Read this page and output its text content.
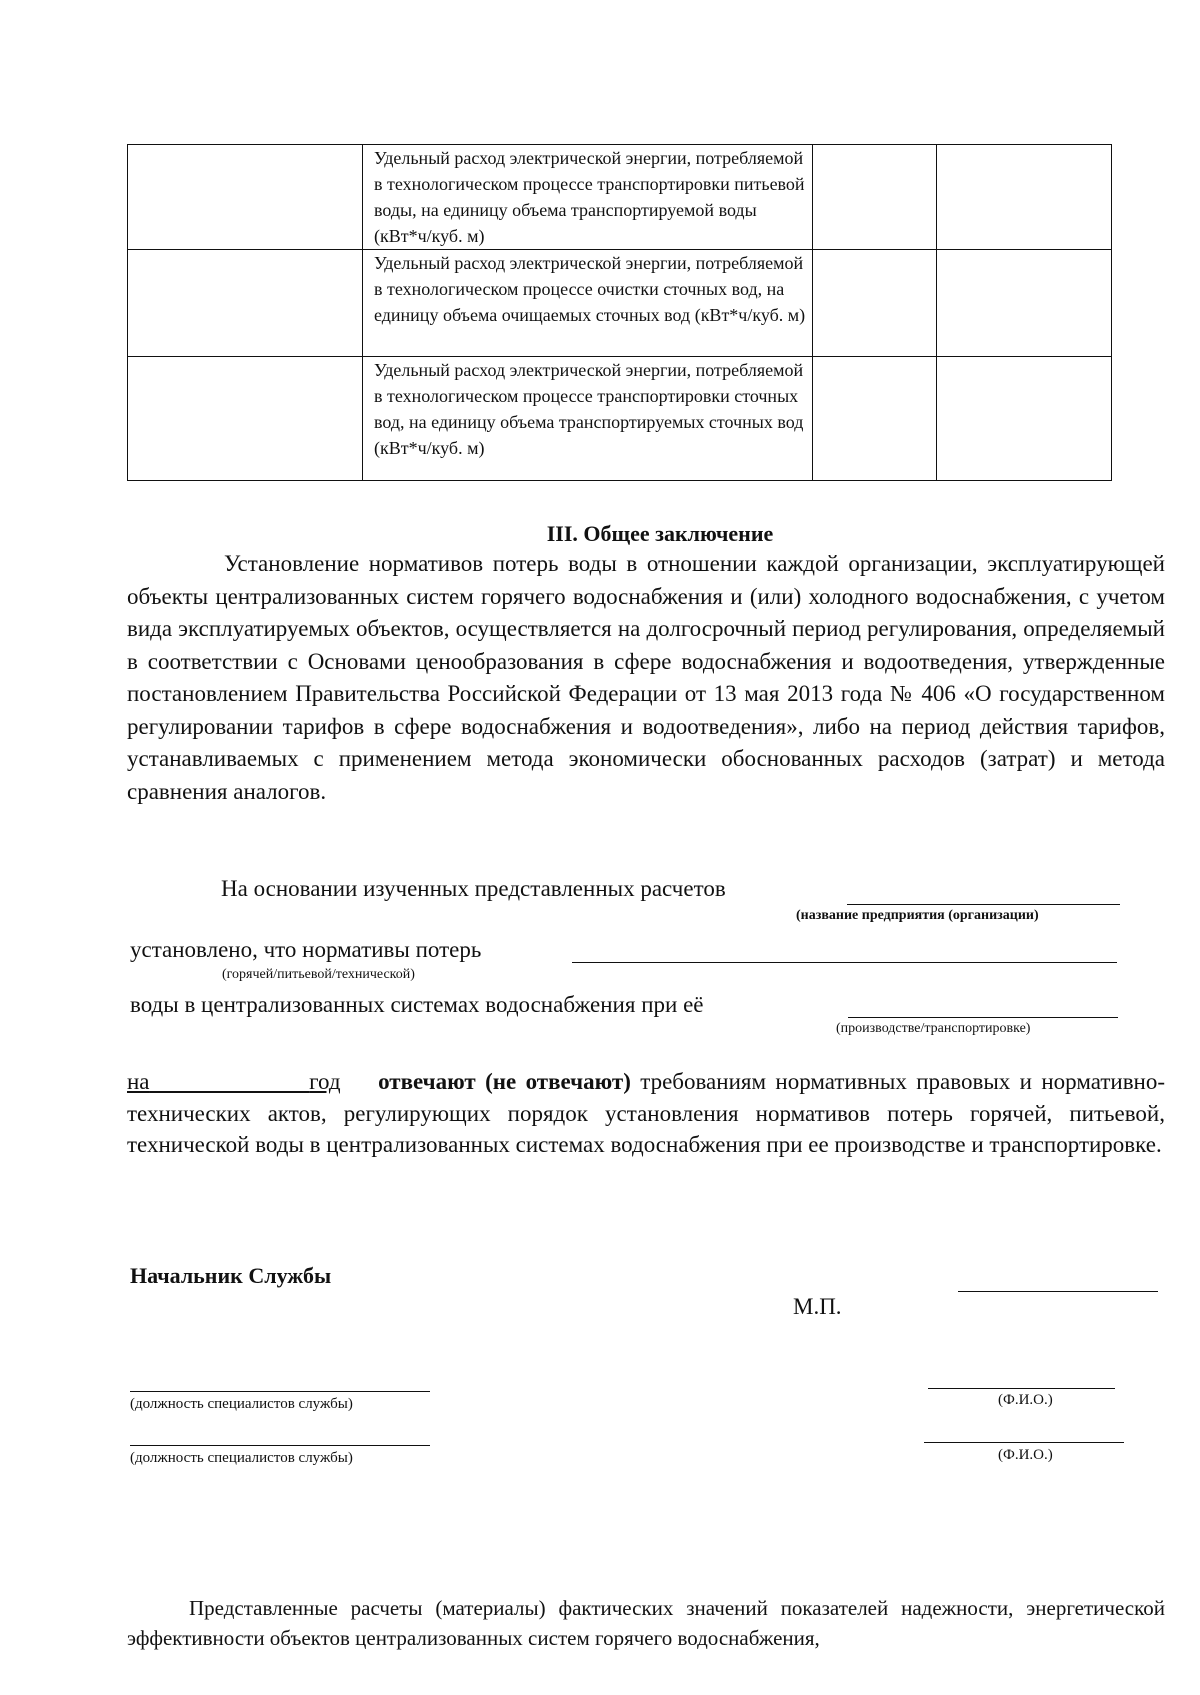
	Удельный расход электрической энергии, потребляемой в технологическом процессе транспортировки питьевой воды, на единицу объема транспортируемой воды (кВт*ч/куб. м)		
	Удельный расход электрической энергии, потребляемой в технологическом процессе очистки сточных вод, на единицу объема очищаемых сточных вод (кВт*ч/куб. м)		
	Удельный расход электрической энергии, потребляемой в технологическом процессе транспортировки сточных вод, на единицу объема транспортируемых сточных вод (кВт*ч/куб. м)		
III. Общее заключение
Установление нормативов потерь воды в отношении каждой организации, эксплуатирующей объекты централизованных систем горячего водоснабжения и (или) холодного водоснабжения, с учетом вида эксплуатируемых объектов, осуществляется на долгосрочный период регулирования, определяемый в соответствии с Основами ценообразования в сфере водоснабжения и водоотведения, утвержденные постановлением Правительства Российской Федерации от 13 мая 2013 года № 406 «О государственном регулировании тарифов в сфере водоснабжения и водоотведения», либо на период действия тарифов, устанавливаемых с применением метода экономически обоснованных расходов (затрат) и метода сравнения аналогов.
На основании изученных представленных расчетов
(название предприятия (организации)
установлено, что нормативы потерь
(горячей/питьевой/технической)
воды в централизованных системах водоснабжения при её
(производстве/транспортировке)
на	год отвечают (не отвечают) требованиям нормативных правовых и нормативно-технических актов, регулирующих порядок установления нормативов потерь горячей, питьевой, технической воды в централизованных системах водоснабжения при ее производстве и транспортировке.
Начальник Службы
М.П.
(должность специалистов службы)	(Ф.И.О.)
(должность специалистов службы)	(Ф.И.О.)
Представленные расчеты (материалы) фактических значений показателей надежности, энергетической эффективности объектов централизованных систем горячего водоснабжения,
